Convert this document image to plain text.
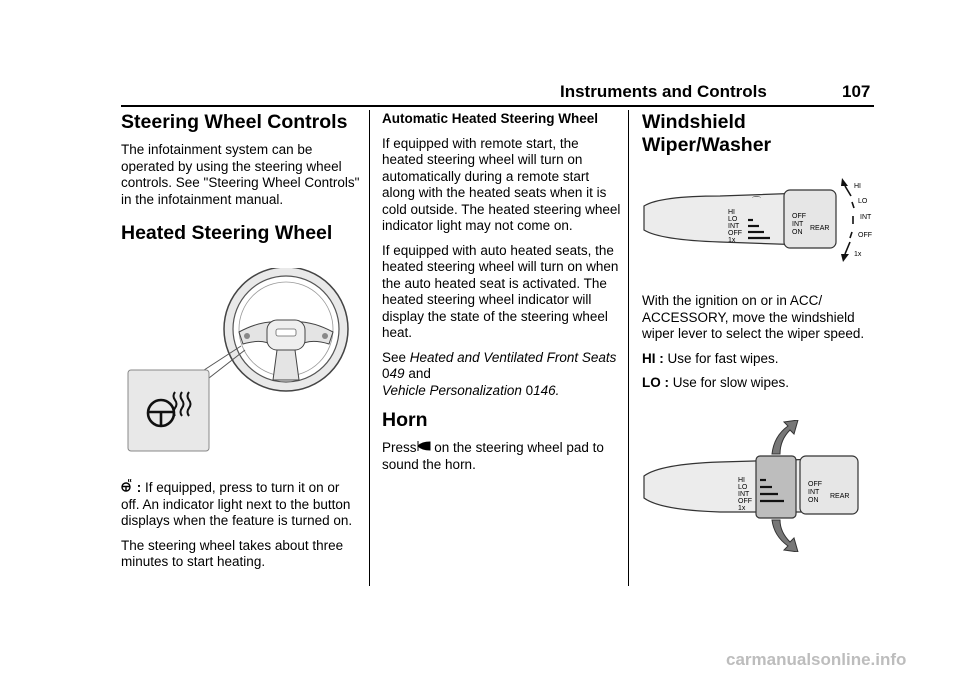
Instruments and Controls	107
Steering Wheel Controls

The infotainment system can be operated by using the steering wheel controls. See "Steering Wheel Controls" in the infotainment manual.

Heated Steering Wheel

: If equipped, press to turn it on or off. An indicator light next to the button displays when the feature is turned on.

The steering wheel takes about three minutes to start heating.

Automatic Heated Steering Wheel

If equipped with remote start, the heated steering wheel will turn on automatically during a remote start along with the heated seats when it is cold outside. The heated steering wheel indicator light may not come on.

If equipped with auto heated seats, the heated steering wheel will turn on when the auto heated seat is activated. The heated steering wheel indicator will display the state of the steering wheel heat.

See Heated and Ventilated Front Seats 049 and
Vehicle Personalization 0146.

Horn

Press on the steering wheel pad to sound the horn.

Windshield Wiper/Washer
⌒
HI
LO
INT
OFF
1x
OFF
INT
ON
REAR
HI
LO
INT
OFF
1x

With the ignition on or in ACC/ ACCESSORY, move the windshield wiper lever to select the wiper speed.

HI : Use for fast wipes.

LO : Use for slow wipes.

HI
LO
INT
OFF
1x
OFF
INT
ON
REAR
carmanualsonline.info
